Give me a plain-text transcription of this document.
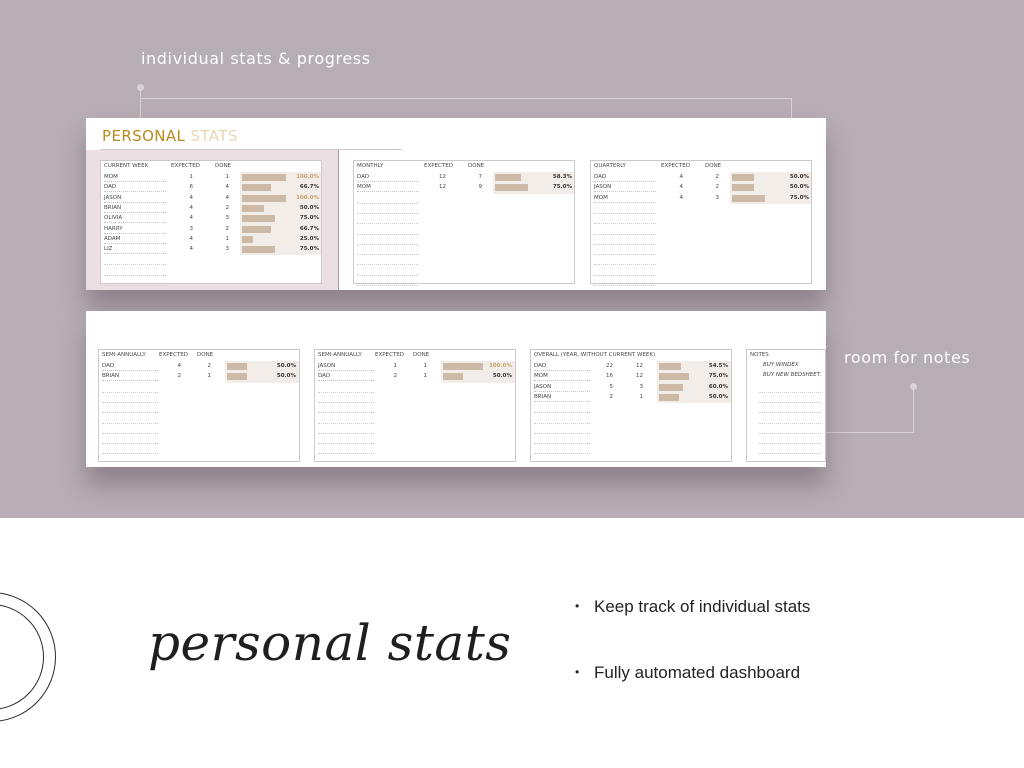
individual stats & progress
room for notes
PERSONAL STATS
CURRENT WEEK	EXPECTED	DONE
MOM	1	1	100.0%
DAD	6	4	66.7%
JASON	4	4	100.0%
BRIAN	4	2	50.0%
OLIVIA	4	3	75.0%
HARRY	3	2	66.7%
ADAM	4	1	25.0%
LIZ	4	3	75.0%
MONTHLY	EXPECTED	DONE
DAD	12	7	58.3%
MOM	12	9	75.0%
QUARTERLY	EXPECTED	DONE
DAD	4	2	50.0%
JASON	4	2	50.0%
MOM	4	3	75.0%
SEMI-ANNUALLY EXPECTED DONE
DAD	4	2	50.0%
BRIAN	2	1	50.0%
SEMI-ANNUALLY EXPECTED DONE
JASON	1	1	100.0%
DAD	2	1	50.0%
OVERALL (YEAR, WITHOUT CURRENT WEEK)
DAD	22	12	54.5%
MOM	16	12	75.0%
JASON	5	3	60.0%
BRIAN	2	1	50.0%
NOTES
BUY WINDEX
BUY NEW BEDSHEET.
personal stats
• Keep track of individual stats
• Fully automated dashboard
